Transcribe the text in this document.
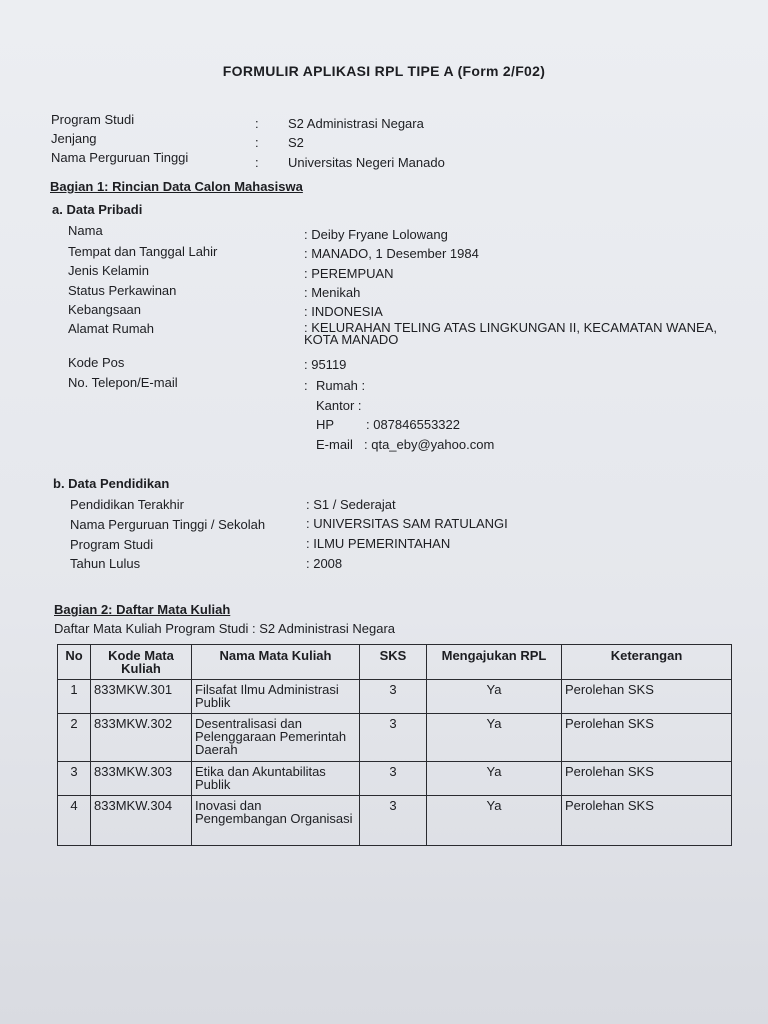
FORMULIR APLIKASI RPL TIPE A (Form 2/F02)
Program Studi	: S2 Administrasi Negara
Jenjang	: S2
Nama Perguruan Tinggi	: Universitas Negeri Manado
Bagian 1: Rincian Data Calon Mahasiswa
a. Data Pribadi
Nama	: Deiby Fryane Lolowang
Tempat dan Tanggal Lahir	: MANADO, 1 Desember 1984
Jenis Kelamin	: PEREMPUAN
Status Perkawinan	: Menikah
Kebangsaan	: INDONESIA
Alamat Rumah	: KELURAHAN TELING ATAS LINGKUNGAN II, KECAMATAN WANEA, KOTA MANADO
Kode Pos	: 95119
No. Telepon/E-mail	: Rumah :
Kantor :
HP : 087846553322
E-mail : qta_eby@yahoo.com
b. Data Pendidikan
Pendidikan Terakhir	: S1 / Sederajat
Nama Perguruan Tinggi / Sekolah	: UNIVERSITAS SAM RATULANGI
Program Studi	: ILMU PEMERINTAHAN
Tahun Lulus	: 2008
Bagian 2: Daftar Mata Kuliah
Daftar Mata Kuliah Program Studi : S2 Administrasi Negara
No	Kode Mata Kuliah	Nama Mata Kuliah	SKS	Mengajukan RPL	Keterangan
1	833MKW.301	Filsafat Ilmu Administrasi Publik	3	Ya	Perolehan SKS
2	833MKW.302	Desentralisasi dan Pelenggaraan Pemerintah Daerah	3	Ya	Perolehan SKS
3	833MKW.303	Etika dan Akuntabilitas Publik	3	Ya	Perolehan SKS
4	833MKW.304	Inovasi dan Pengembangan Organisasi	3	Ya	Perolehan SKS
